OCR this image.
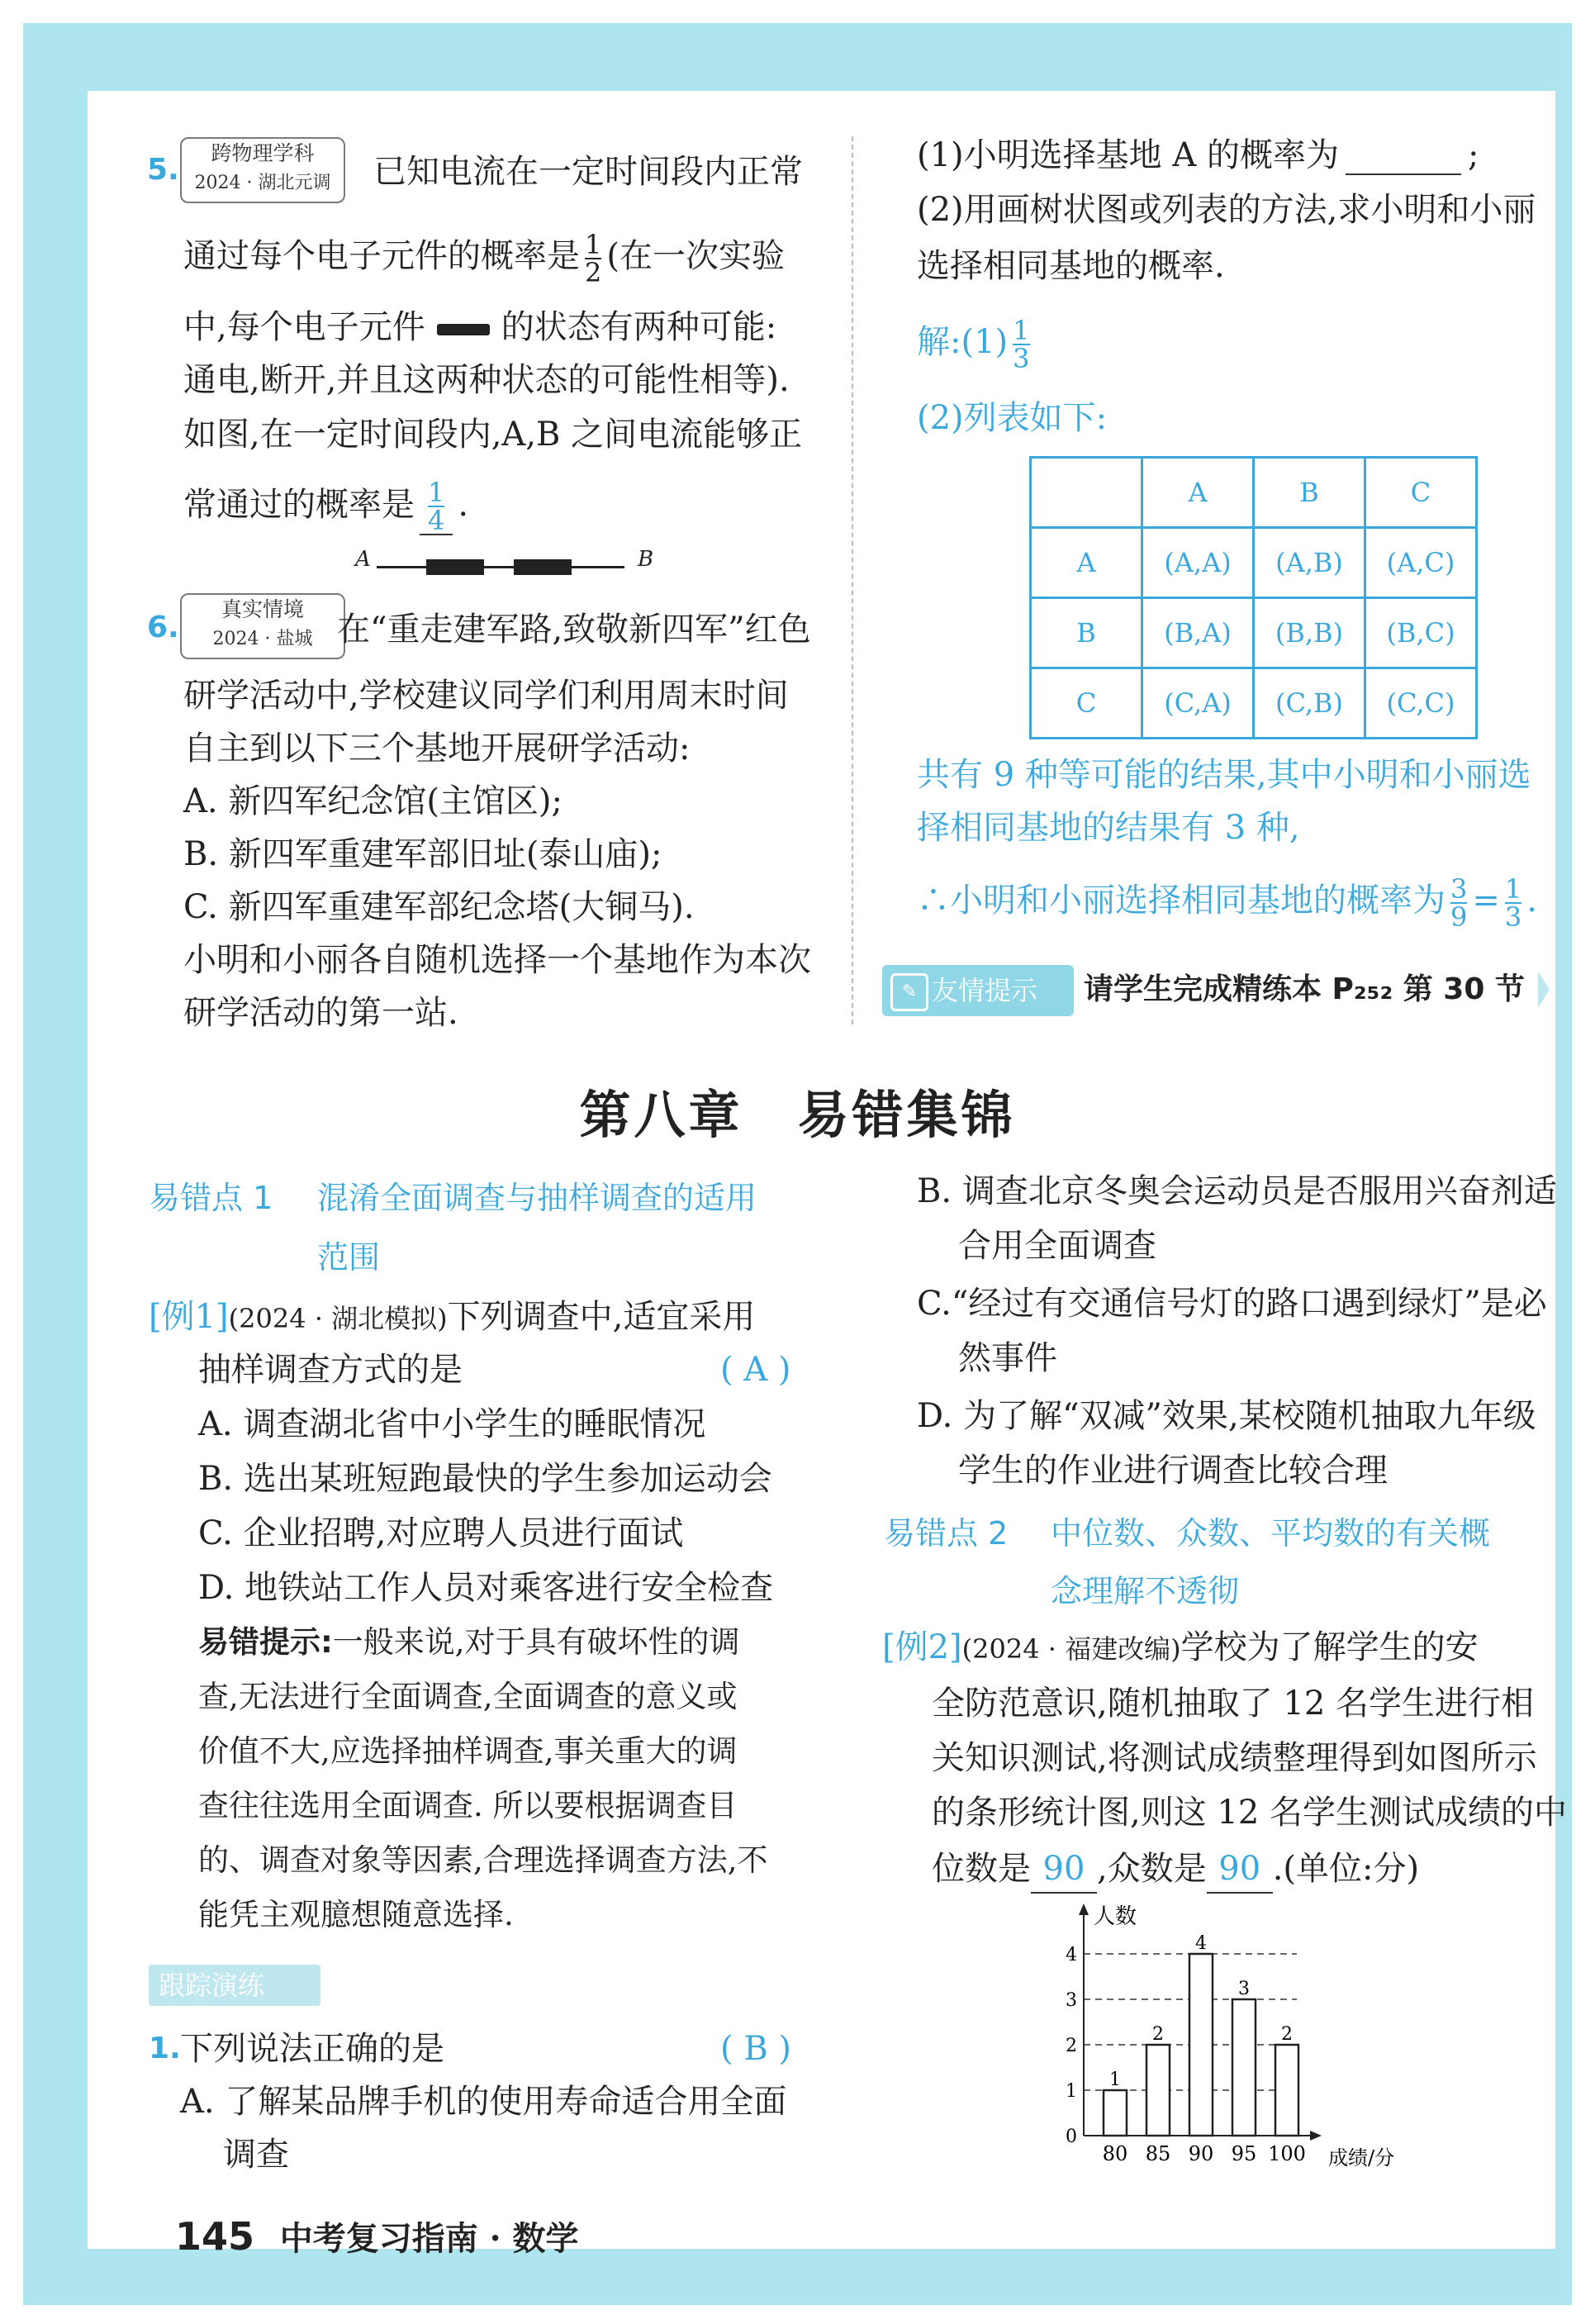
5.	跨物理学科
2024 · 湖北元调	已知电流在一定时间段内正常
通过每个电子元件的概率是 $\frac{1}{2}$ (在一次实验
中,每个电子元件 的状态有两种可能:
通电,断开,并且这两种状态的可能性相等).
如图,在一定时间段内,A,B 之间电流能够正
常通过的概率是 $\frac{1}{4}$ .
A	B
6.
真实情境
2024 · 盐城 在“重走建军路,致敬新四军”红色
研学活动中,学校建议同学们利用周末时间
自主到以下三个基地开展研学活动:
A. 新四军纪念馆(主馆区);
B. 新四军重建军部旧址(泰山庙);
C. 新四军重建军部纪念塔(大铜马).
小明和小丽各自随机选择一个基地作为本次
研学活动的第一站.
(1)小明选择基地 A 的概率为	;
(2)用画树状图或列表的方法,求小明和小丽
选择相同基地的概率.
解:(1) $\frac{1}{3}$
(2)列表如下:
	A	B	C
A	(A,A)	(A,B)	(A,C)
B	(B,A)	(B,B)	(B,C)
C	(C,A)	(C,B)	(C,C)
共有 9 种等可能的结果,其中小明和小丽选
择相同基地的结果有 3 种,
∴小明和小丽选择相同基地的概率为 $\frac{3}{9} = \frac{1}{3}$ .
✎ 友情提示	请学生完成精练本 P₂₅₂ 第 30 节
第八章　易错集锦
易错点 1 混淆全面调查与抽样调查的适用
范围
[例1](2024 · 湖北模拟)下列调查中,适宜采用
抽样调查方式的是	( A )
A. 调查湖北省中小学生的睡眠情况
B. 选出某班短跑最快的学生参加运动会
C. 企业招聘,对应聘人员进行面试
D. 地铁站工作人员对乘客进行安全检查
易错提示:一般来说,对于具有破坏性的调
查,无法进行全面调查,全面调查的意义或
价值不大,应选择抽样调查,事关重大的调
查往往选用全面调查. 所以要根据调查目
的、调查对象等因素,合理选择调查方法,不
能凭主观臆想随意选择.
跟踪演练
1. 下列说法正确的是	( B )
A. 了解某品牌手机的使用寿命适合用全面
调查
B. 调查北京冬奥会运动员是否服用兴奋剂适
合用全面调查
C.“经过有交通信号灯的路口遇到绿灯”是必
然事件
D. 为了解“双减”效果,某校随机抽取九年级
学生的作业进行调查比较合理
易错点 2 中位数、众数、平均数的有关概
念理解不透彻
[例2](2024 · 福建改编)学校为了解学生的安
全防范意识,随机抽取了 12 名学生进行相
关知识测试,将测试成绩整理得到如图所示
的条形统计图,则这 12 名学生测试成绩的中
位数是 90 ,众数是 90 .(单位:分)
0
1
2
3
4
80 85 90 95 100
1
2
4
3
2
人数
成绩/分
145 中考复习指南 · 数学
